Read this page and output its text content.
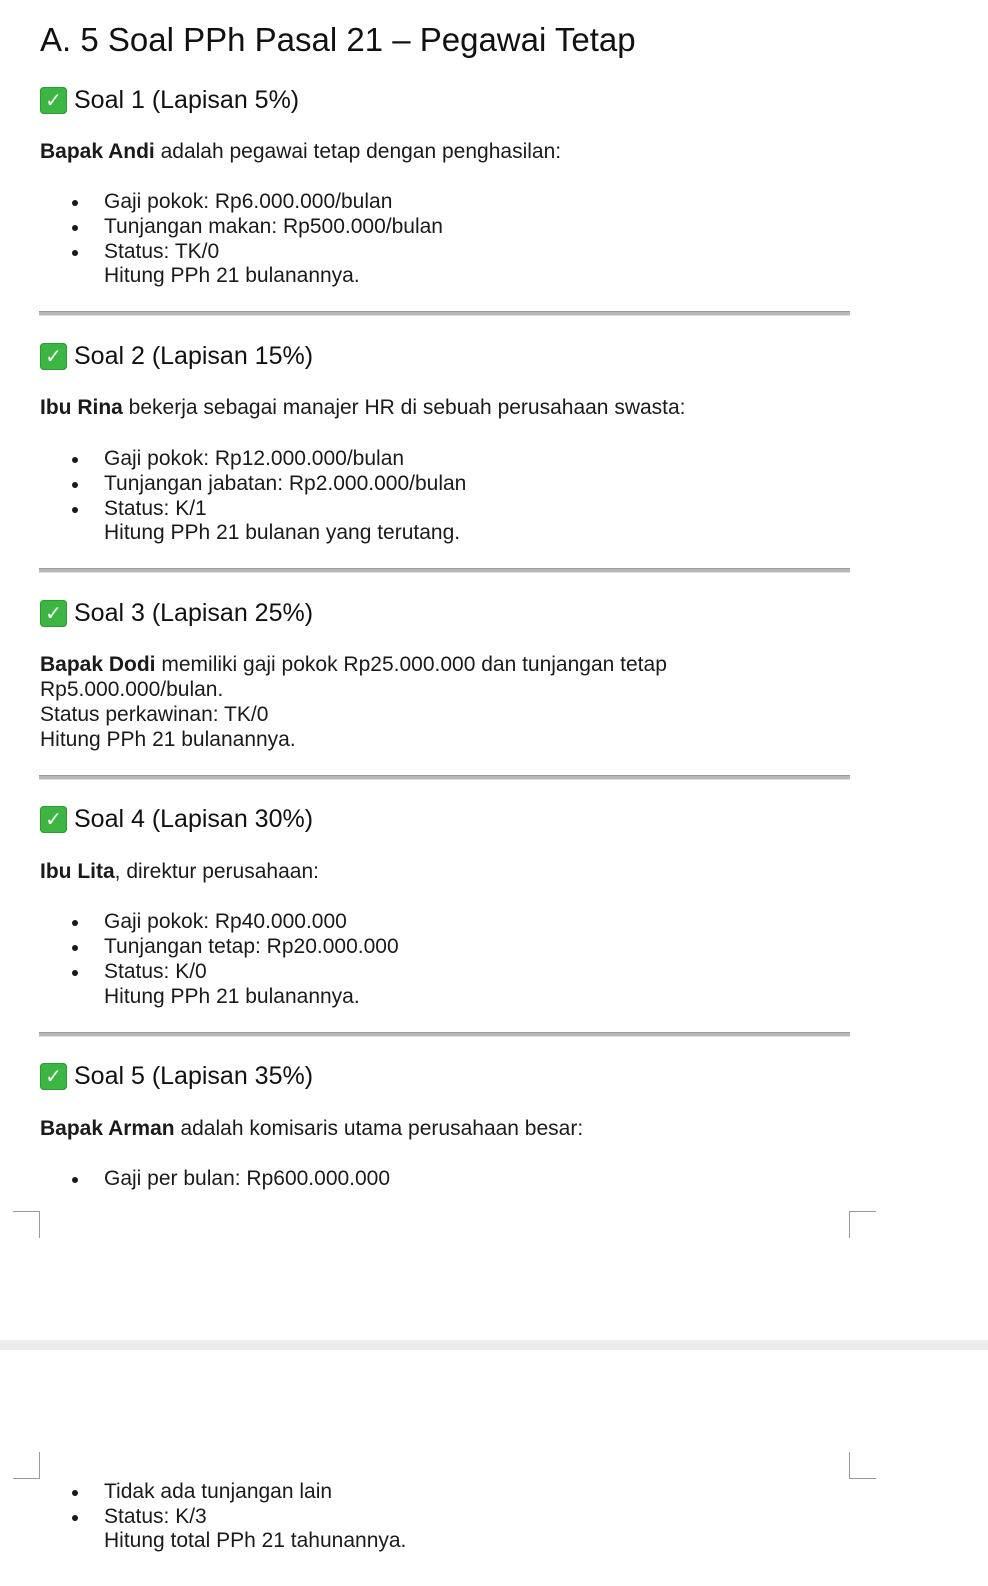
A. 5 Soal PPh Pasal 21 – Pegawai Tetap
✓ Soal 1 (Lapisan 5%)
Bapak Andi adalah pegawai tetap dengan penghasilan:
Gaji pokok: Rp6.000.000/bulan
Tunjangan makan: Rp500.000/bulan
Status: TK/0
Hitung PPh 21 bulanannya.
✓ Soal 2 (Lapisan 15%)
Ibu Rina bekerja sebagai manajer HR di sebuah perusahaan swasta:
Gaji pokok: Rp12.000.000/bulan
Tunjangan jabatan: Rp2.000.000/bulan
Status: K/1
Hitung PPh 21 bulanan yang terutang.
✓ Soal 3 (Lapisan 25%)
Bapak Dodi memiliki gaji pokok Rp25.000.000 dan tunjangan tetap
Rp5.000.000/bulan.
Status perkawinan: TK/0
Hitung PPh 21 bulanannya.
✓ Soal 4 (Lapisan 30%)
Ibu Lita, direktur perusahaan:
Gaji pokok: Rp40.000.000
Tunjangan tetap: Rp20.000.000
Status: K/0
Hitung PPh 21 bulanannya.
✓ Soal 5 (Lapisan 35%)
Bapak Arman adalah komisaris utama perusahaan besar:
Gaji per bulan: Rp600.000.000
Tidak ada tunjangan lain
Status: K/3
Hitung total PPh 21 tahunannya.
